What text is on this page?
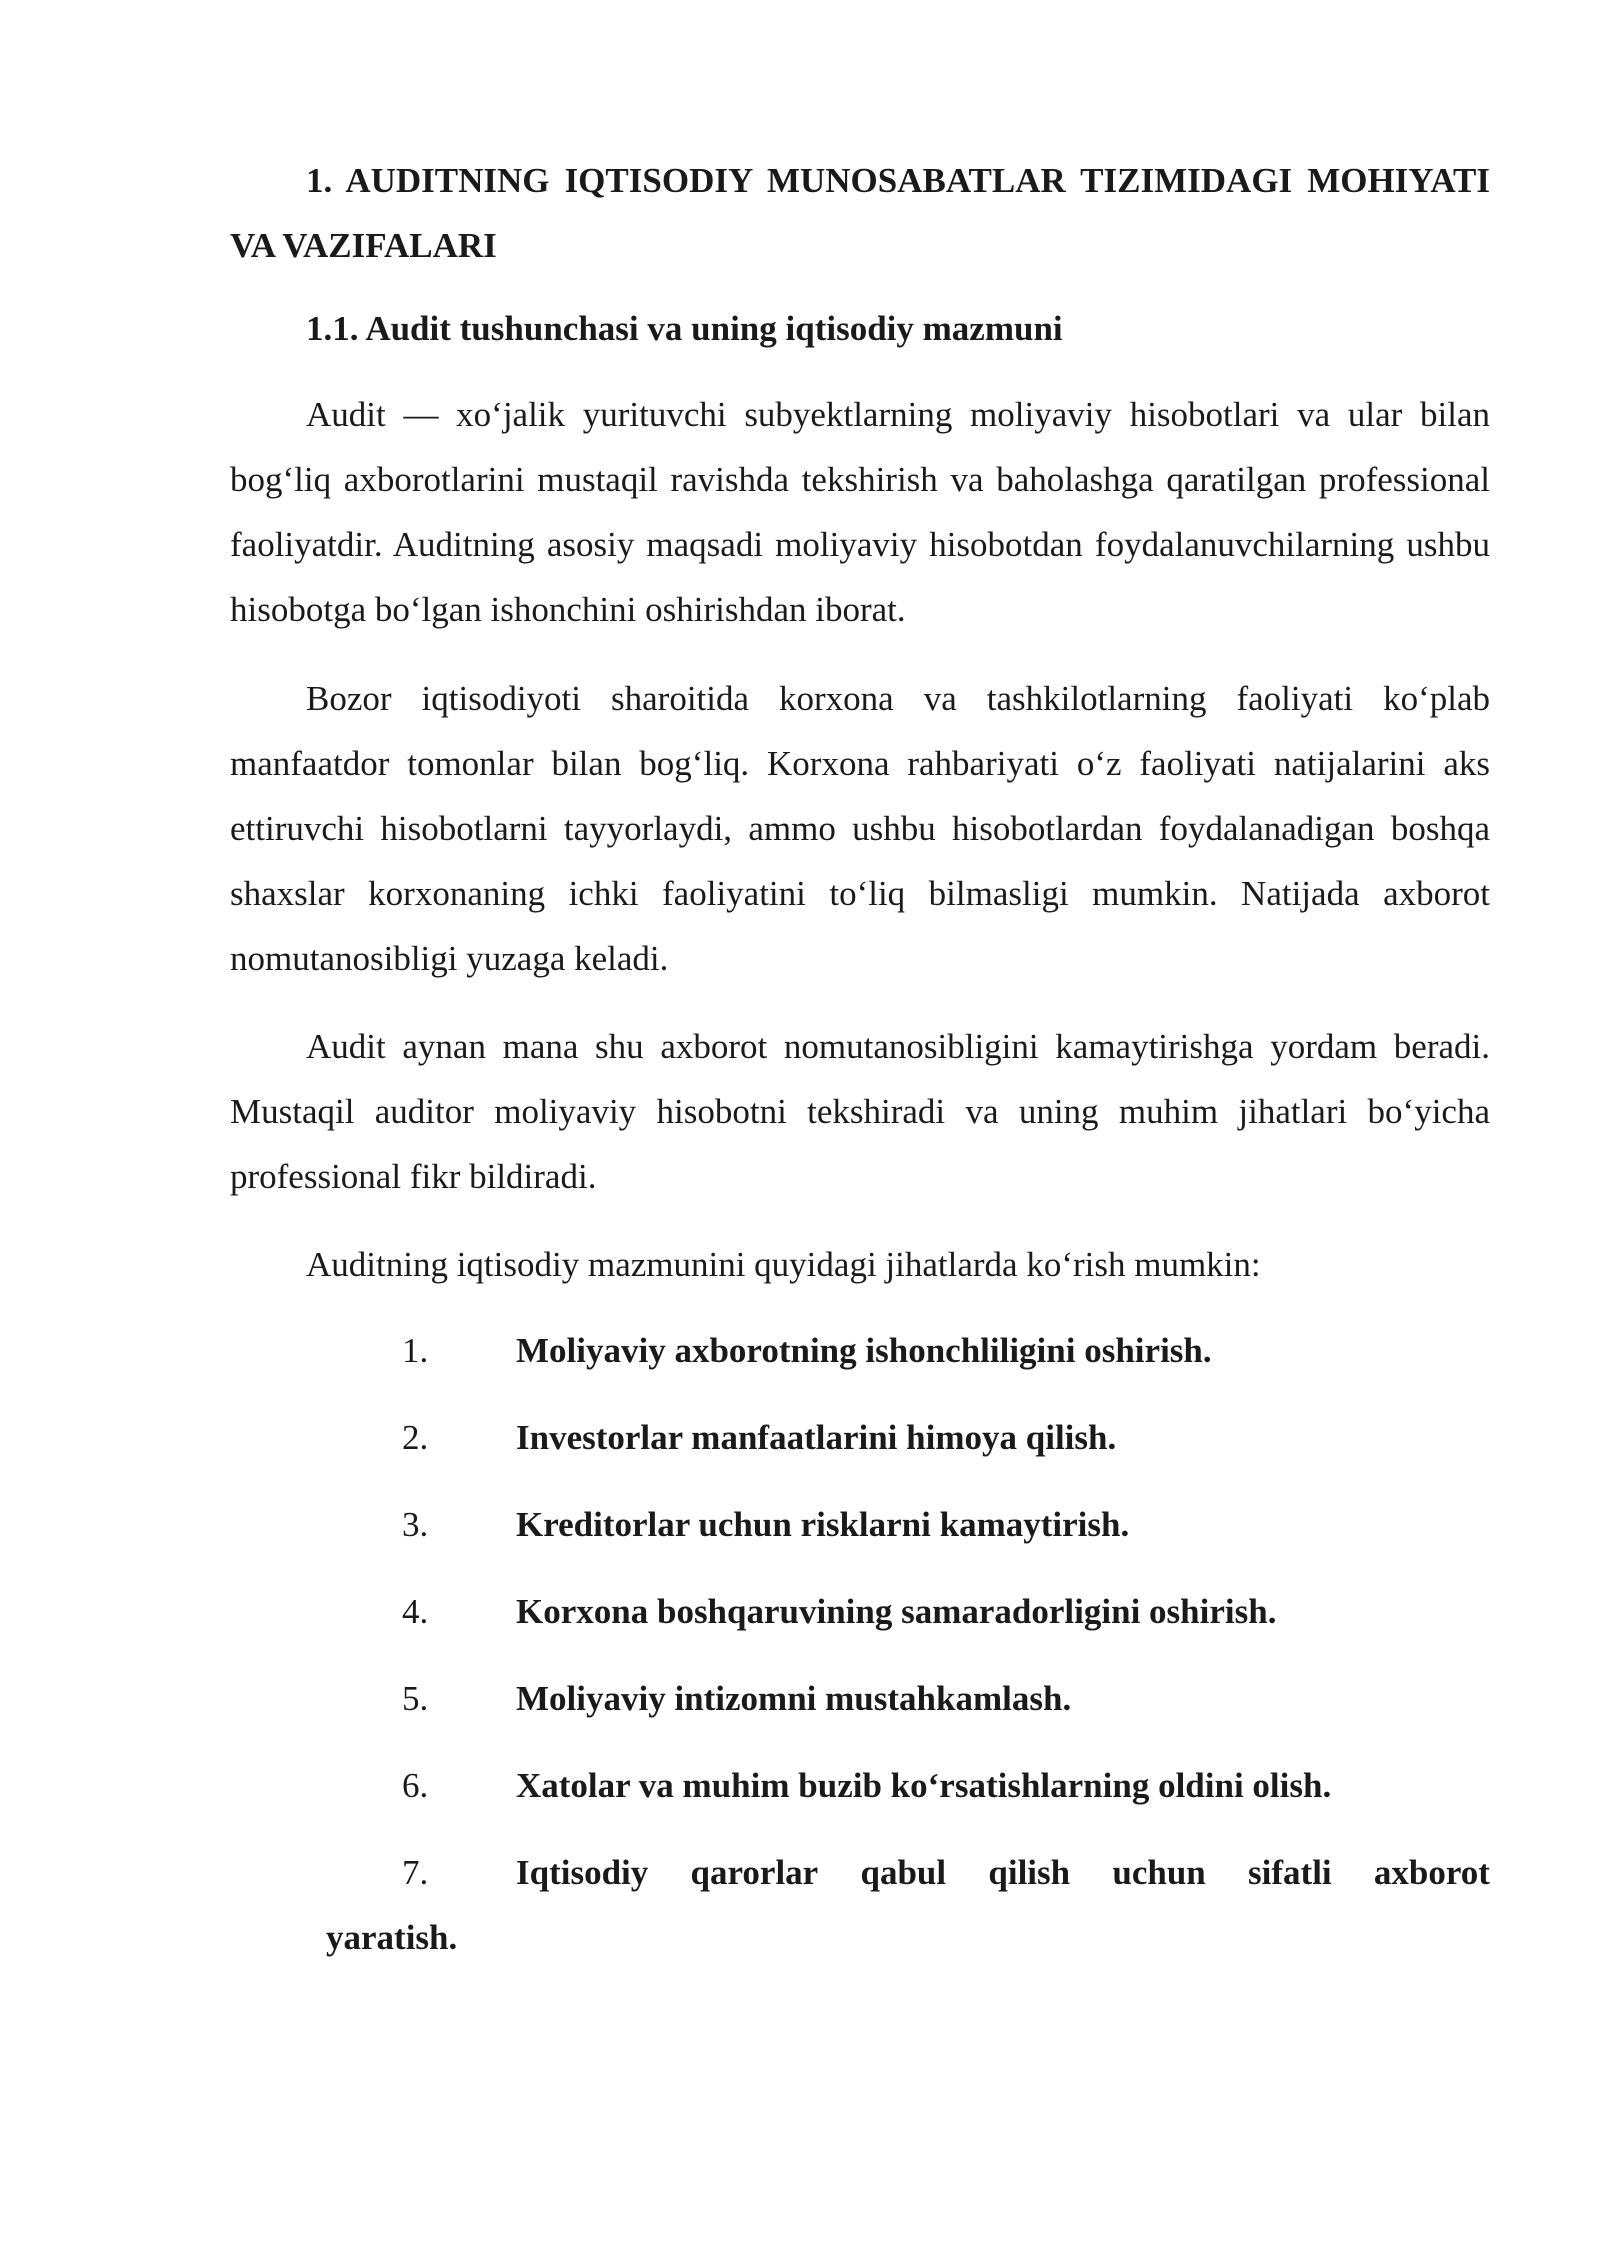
1. AUDITNING IQTISODIY MUNOSABATLAR TIZIMIDAGI MOHIYATI VA VAZIFALARI

1.1. Audit tushunchasi va uning iqtisodiy mazmuni

Audit — xo‘jalik yurituvchi subyektlarning moliyaviy hisobotlari va ular bilan bog‘liq axborotlarini mustaqil ravishda tekshirish va baholashga qaratilgan professional faoliyatdir. Auditning asosiy maqsadi moliyaviy hisobotdan foydalanuvchilarning ushbu hisobotga bo‘lgan ishonchini oshirishdan iborat.

Bozor iqtisodiyoti sharoitida korxona va tashkilotlarning faoliyati ko‘plab manfaatdor tomonlar bilan bog‘liq. Korxona rahbariyati o‘z faoliyati natijalarini aks ettiruvchi hisobotlarni tayyorlaydi, ammo ushbu hisobotlardan foydalanadigan boshqa shaxslar korxonaning ichki faoliyatini to‘liq bilmasligi mumkin. Natijada axborot nomutanosibligi yuzaga keladi.

Audit aynan mana shu axborot nomutanosibligini kamaytirishga yordam beradi. Mustaqil auditor moliyaviy hisobotni tekshiradi va uning muhim jihatlari bo‘yicha professional fikr bildiradi.

Auditning iqtisodiy mazmunini quyidagi jihatlarda ko‘rish mumkin:

1.	Moliyaviy axborotning ishonchliligini oshirish.
2.	Investorlar manfaatlarini himoya qilish.
3.	Kreditorlar uchun risklarni kamaytirish.
4.	Korxona boshqaruvining samaradorligini oshirish.
5.	Moliyaviy intizomni mustahkamlash.
6.	Xatolar va muhim buzib ko‘rsatishlarning oldini olish.
7.	Iqtisodiy qarorlar qabul qilish uchun sifatli axborot
yaratish.
